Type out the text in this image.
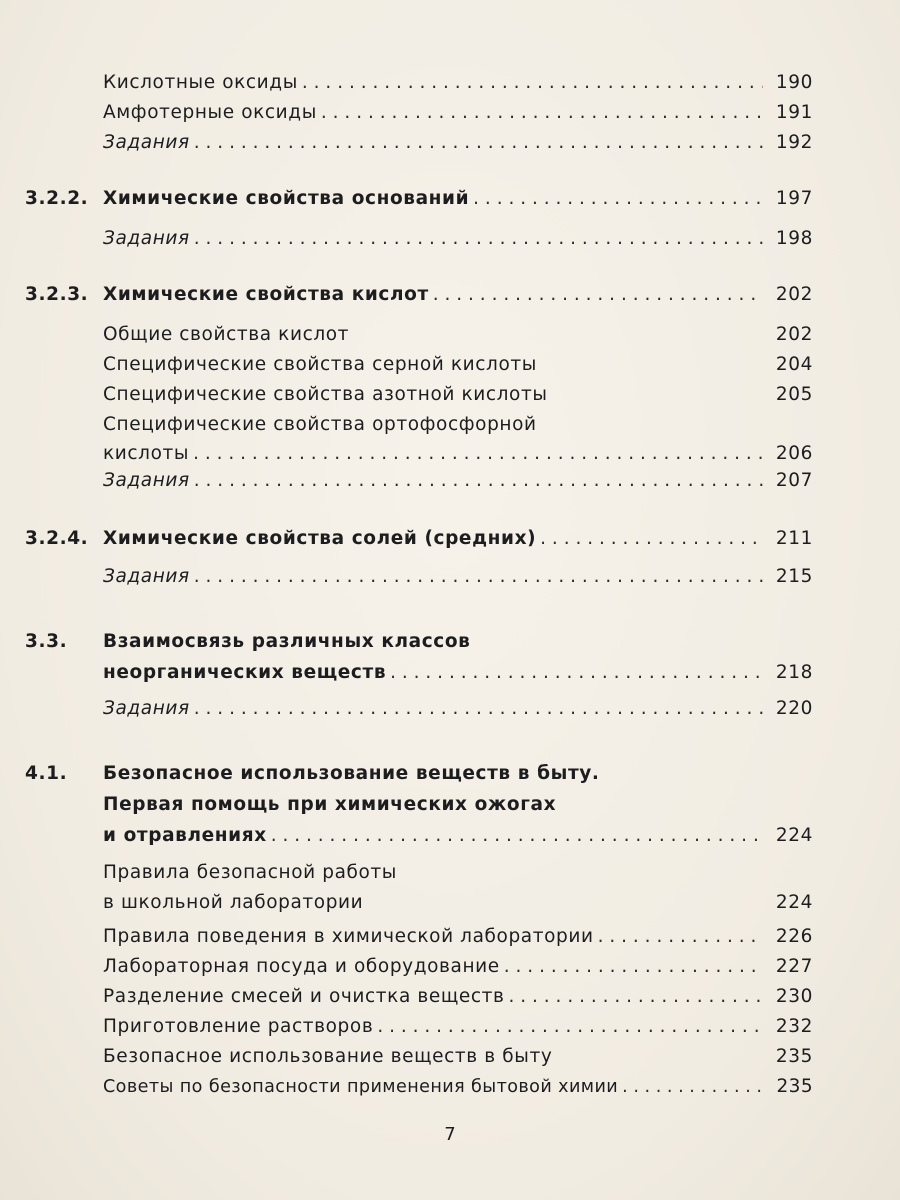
Кислотные оксиды . . .	190
Амфотерные оксиды . . .	191
Задания . . .	192
3.2.2. Химические свойства оснований . . .	197
Задания . . .	198
3.2.3. Химические свойства кислот . . .	202
Общие свойства кислот	202
Специфические свойства серной кислоты	204
Специфические свойства азотной кислоты	205
Специфические свойства ортофосфорной
кислоты . . .	206
Задания . . .	207
3.2.4. Химические свойства солей (средних) . . .	211
Задания . . .	215
3.3. Взаимосвязь различных классов
неорганических веществ . . .	218
Задания . . .	220
4.1. Безопасное использование веществ в быту.
Первая помощь при химических ожогах
и отравлениях . . .	224
Правила безопасной работы
в школьной лаборатории	224
Правила поведения в химической лаборатории . . .	226
Лабораторная посуда и оборудование . . .	227
Разделение смесей и очистка веществ . . .	230
Приготовление растворов . . .	232
Безопасное использование веществ в быту	235
Советы по безопасности применения бытовой химии . . .	235
7
